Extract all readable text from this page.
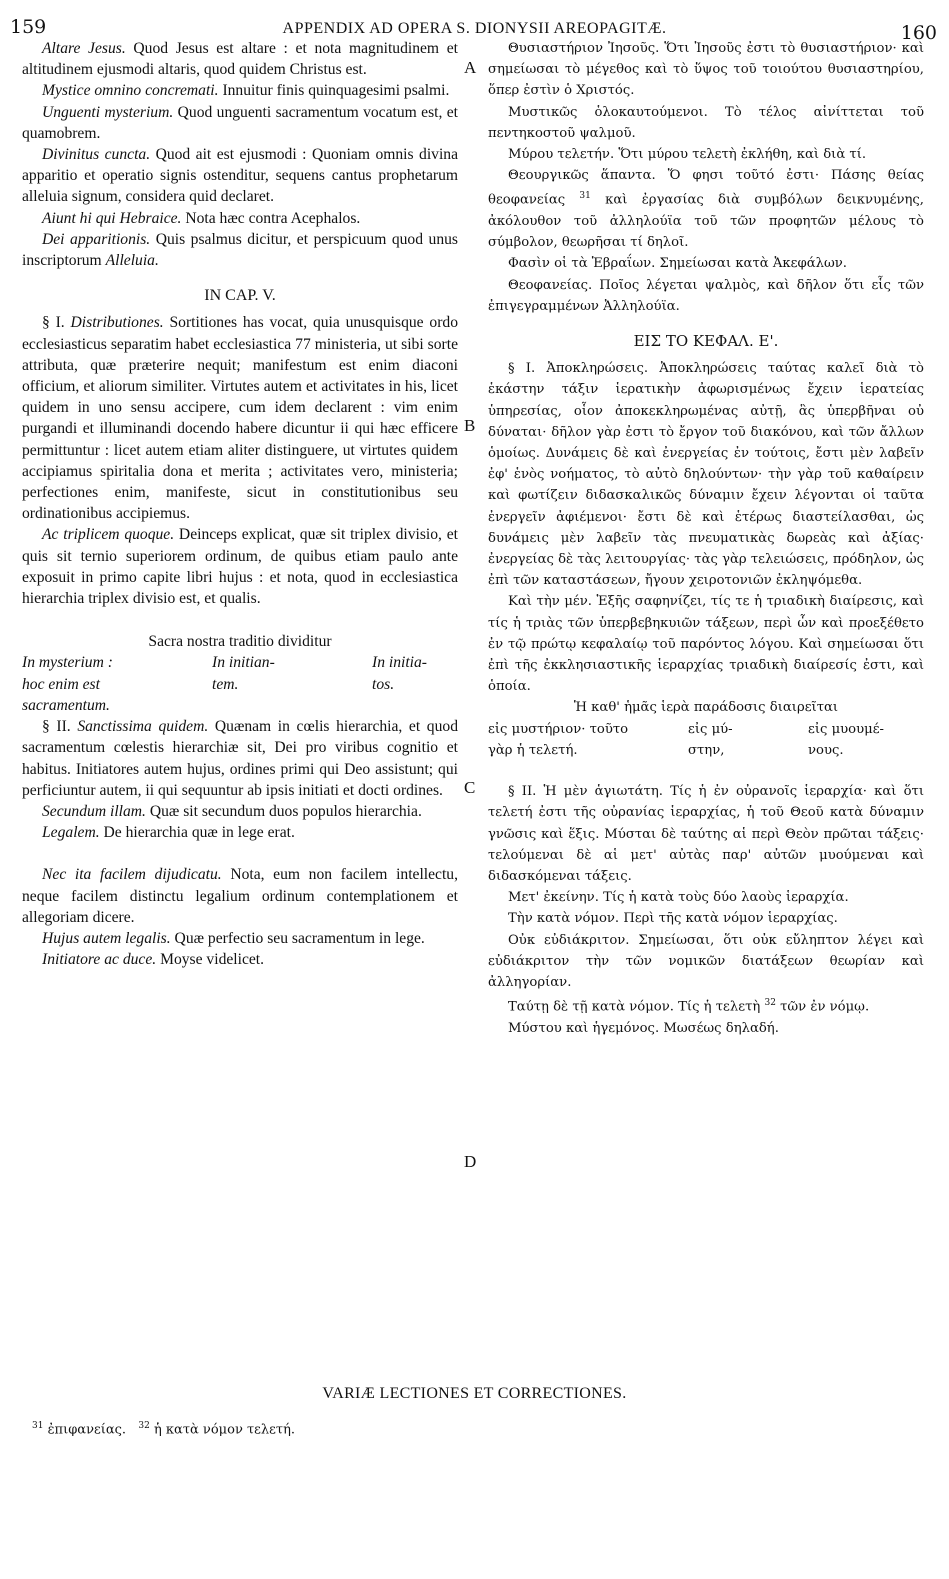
159	APPENDIX AD OPERA S. DIONYSII AREOPAGITÆ.	160
A
B
C
D

Altare Jesus. Quod Jesus est altare : et nota magnitudinem et altitudinem ejusmodi altaris, quod quidem Christus est.

Mystice omnino concremati. Innuitur finis quinquagesimi psalmi.

Unguenti mysterium. Quod unguenti sacramentum vocatum est, et quamobrem.

Divinitus cuncta. Quod ait est ejusmodi : Quoniam omnis divina apparitio et operatio signis ostenditur, sequens cantus prophetarum alleluia signum, considera quid declaret.

Aiunt hi qui Hebraice. Nota hæc contra Acephalos.

Dei apparitionis. Quis psalmus dicitur, et perspicuum quod unus inscriptorum Alleluia.

IN CAP. V.

§ I. Distributiones. Sortitiones has vocat, quia unusquisque ordo ecclesiasticus separatim habet ecclesiastica 77 ministeria, ut sibi sorte attributa, quæ præterire nequit; manifestum est enim diaconi officium, et aliorum similiter. Virtutes autem et activitates in his, licet quidem in uno sensu accipere, cum idem declarent : vim enim purgandi et illuminandi docendo habere dicuntur ii qui hæc efficere permittuntur : licet autem etiam aliter distinguere, ut virtutes quidem accipiamus spiritalia dona et merita ; activitates vero, ministeria; perfectiones enim, manifeste, sicut in constitutionibus seu ordinationibus accipiemus.

Ac triplicem quoque. Deinceps explicat, quæ sit triplex divisio, et quis sit ternio superiorem ordinum, de quibus etiam paulo ante exposuit in primo capite libri hujus : et nota, quod in ecclesiastica hierarchia triplex divisio est, et qualis.

Sacra nostra traditio dividitur

In mysterium :
hoc enim est
sacramentum.
In initian-
tem.
In initia-
tos.

§ II. Sanctissima quidem. Quænam in cœlis hierarchia, et quod sacramentum cœlestis hierarchiæ sit, Dei pro viribus cognitio et habitus. Initiatores autem hujus, ordines primi qui Deo assistunt; qui perficiuntur autem, ii qui sequuntur ab ipsis initiati et docti ordines.

Secundum illam. Quæ sit secundum duos populos hierarchia.

Legalem. De hierarchia quæ in lege erat.

Nec ita facilem dijudicatu. Nota, eum non facilem intellectu, neque facilem distinctu legalium ordinum contemplationem et allegoriam dicere.

Hujus autem legalis. Quæ perfectio seu sacramentum in lege.

Initiatore ac duce. Moyse videlicet.

Θυσιαστήριον Ἰησοῦς. Ὅτι Ἰησοῦς ἐστι τὸ θυσιαστήριον· καὶ σημείωσαι τὸ μέγεθος καὶ τὸ ὕψος τοῦ τοιούτου θυσιαστηρίου, ὅπερ ἐστὶν ὁ Χριστός.

Μυστικῶς ὁλοκαυτούμενοι. Τὸ τέλος αἰνίττεται τοῦ πεντηκοστοῦ ψαλμοῦ.

Μύρου τελετήν. Ὅτι μύρου τελετὴ ἐκλήθη, καὶ διὰ τί.

Θεουργικῶς ἅπαντα. Ὅ φησι τοῦτό ἐστι· Πάσης θείας θεοφανείας $^{31}$ καὶ ἐργασίας διὰ συμβόλων δεικνυμένης, ἀκόλουθον τοῦ ἀλληλούϊα τοῦ τῶν προφητῶν μέλους τὸ σύμβολον, θεωρῆσαι τί δηλοῖ.

Φασὶν οἱ τὰ Ἑβραΐων. Σημείωσαι κατὰ Ἀκεφάλων.

Θεοφανείας. Ποῖος λέγεται ψαλμὸς, καὶ δῆλον ὅτι εἷς τῶν ἐπιγεγραμμένων Ἀλληλούϊα.

ΕΙΣ ΤΟ ΚΕΦΑΛ. Ε'.

§ I. Ἀποκληρώσεις. Ἀποκληρώσεις ταύτας καλεῖ διὰ τὸ ἑκάστην τάξιν ἱερατικὴν ἀφωρισμένως ἔχειν ἱερατείας ὑπηρεσίας, οἷον ἀποκεκληρωμένας αὐτῇ, ἃς ὑπερβῆναι οὐ δύναται· δῆλον γὰρ ἐστι τὸ ἔργον τοῦ διακόνου, καὶ τῶν ἄλλων ὁμοίως. Δυνάμεις δὲ καὶ ἐνεργείας ἐν τούτοις, ἔστι μὲν λαβεῖν ἐφ' ἑνὸς νοήματος, τὸ αὐτὸ δηλούντων· τὴν γὰρ τοῦ καθαίρειν καὶ φωτίζειν διδασκαλικῶς δύναμιν ἔχειν λέγονται οἱ ταῦτα ἐνεργεῖν ἀφιέμενοι· ἔστι δὲ καὶ ἑτέρως διαστείλασθαι, ὡς δυνάμεις μὲν λαβεῖν τὰς πνευματικὰς δωρεὰς καὶ ἀξίας· ἐνεργείας δὲ τὰς λειτουργίας· τὰς γὰρ τελειώσεις, πρόδηλον, ὡς ἐπὶ τῶν καταστάσεων, ἤγουν χειροτονιῶν ἐκληψόμεθα.

Καὶ τὴν μέν. Ἑξῆς σαφηνίζει, τίς τε ἡ τριαδικὴ διαίρεσις, καὶ τίς ἡ τριὰς τῶν ὑπερβεβηκυιῶν τάξεων, περὶ ὧν καὶ προεξέθετο ἐν τῷ πρώτῳ κεφαλαίῳ τοῦ παρόντος λόγου. Καὶ σημείωσαι ὅτι ἐπὶ τῆς ἐκκλησιαστικῆς ἱεραρχίας τριαδικὴ διαίρεσίς ἐστι, καὶ ὁποία.

Ἡ καθ' ἡμᾶς ἱερὰ παράδοσις διαιρεῖται

εἰς μυστήριον· τοῦτο
γὰρ ἡ τελετή.
εἰς μύ-
στην,
εἰς μυουμέ-
νους.

§ II. Ἡ μὲν ἁγιωτάτη. Τίς ἡ ἐν οὐρανοῖς ἱεραρχία· καὶ ὅτι τελετή ἐστι τῆς οὐρανίας ἱεραρχίας, ἡ τοῦ Θεοῦ κατὰ δύναμιν γνῶσις καὶ ἕξις. Μύσται δὲ ταύτης αἱ περὶ Θεὸν πρῶται τάξεις· τελούμεναι δὲ αἱ μετ' αὐτὰς παρ' αὐτῶν μυούμεναι καὶ διδασκόμεναι τάξεις.

Μετ' ἐκείνην. Τίς ἡ κατὰ τοὺς δύο λαοὺς ἱεραρχία.

Τὴν κατὰ νόμον. Περὶ τῆς κατὰ νόμον ἱεραρχίας.

Οὐκ εὐδιάκριτον. Σημείωσαι, ὅτι οὐκ εὔληπτον λέγει καὶ εὐδιάκριτον τὴν τῶν νομικῶν διατάξεων θεωρίαν καὶ ἀλληγορίαν.

Ταύτῃ δὲ τῇ κατὰ νόμον. Τίς ἡ τελετὴ $^{32}$ τῶν ἐν νόμῳ.

Μύστου καὶ ἡγεμόνος. Μωσέως δηλαδή.

VARIÆ LECTIONES ET CORRECTIONES.
$^{31}$ ἐπιφανείας. $^{32}$ ἡ κατὰ νόμον τελετή.
